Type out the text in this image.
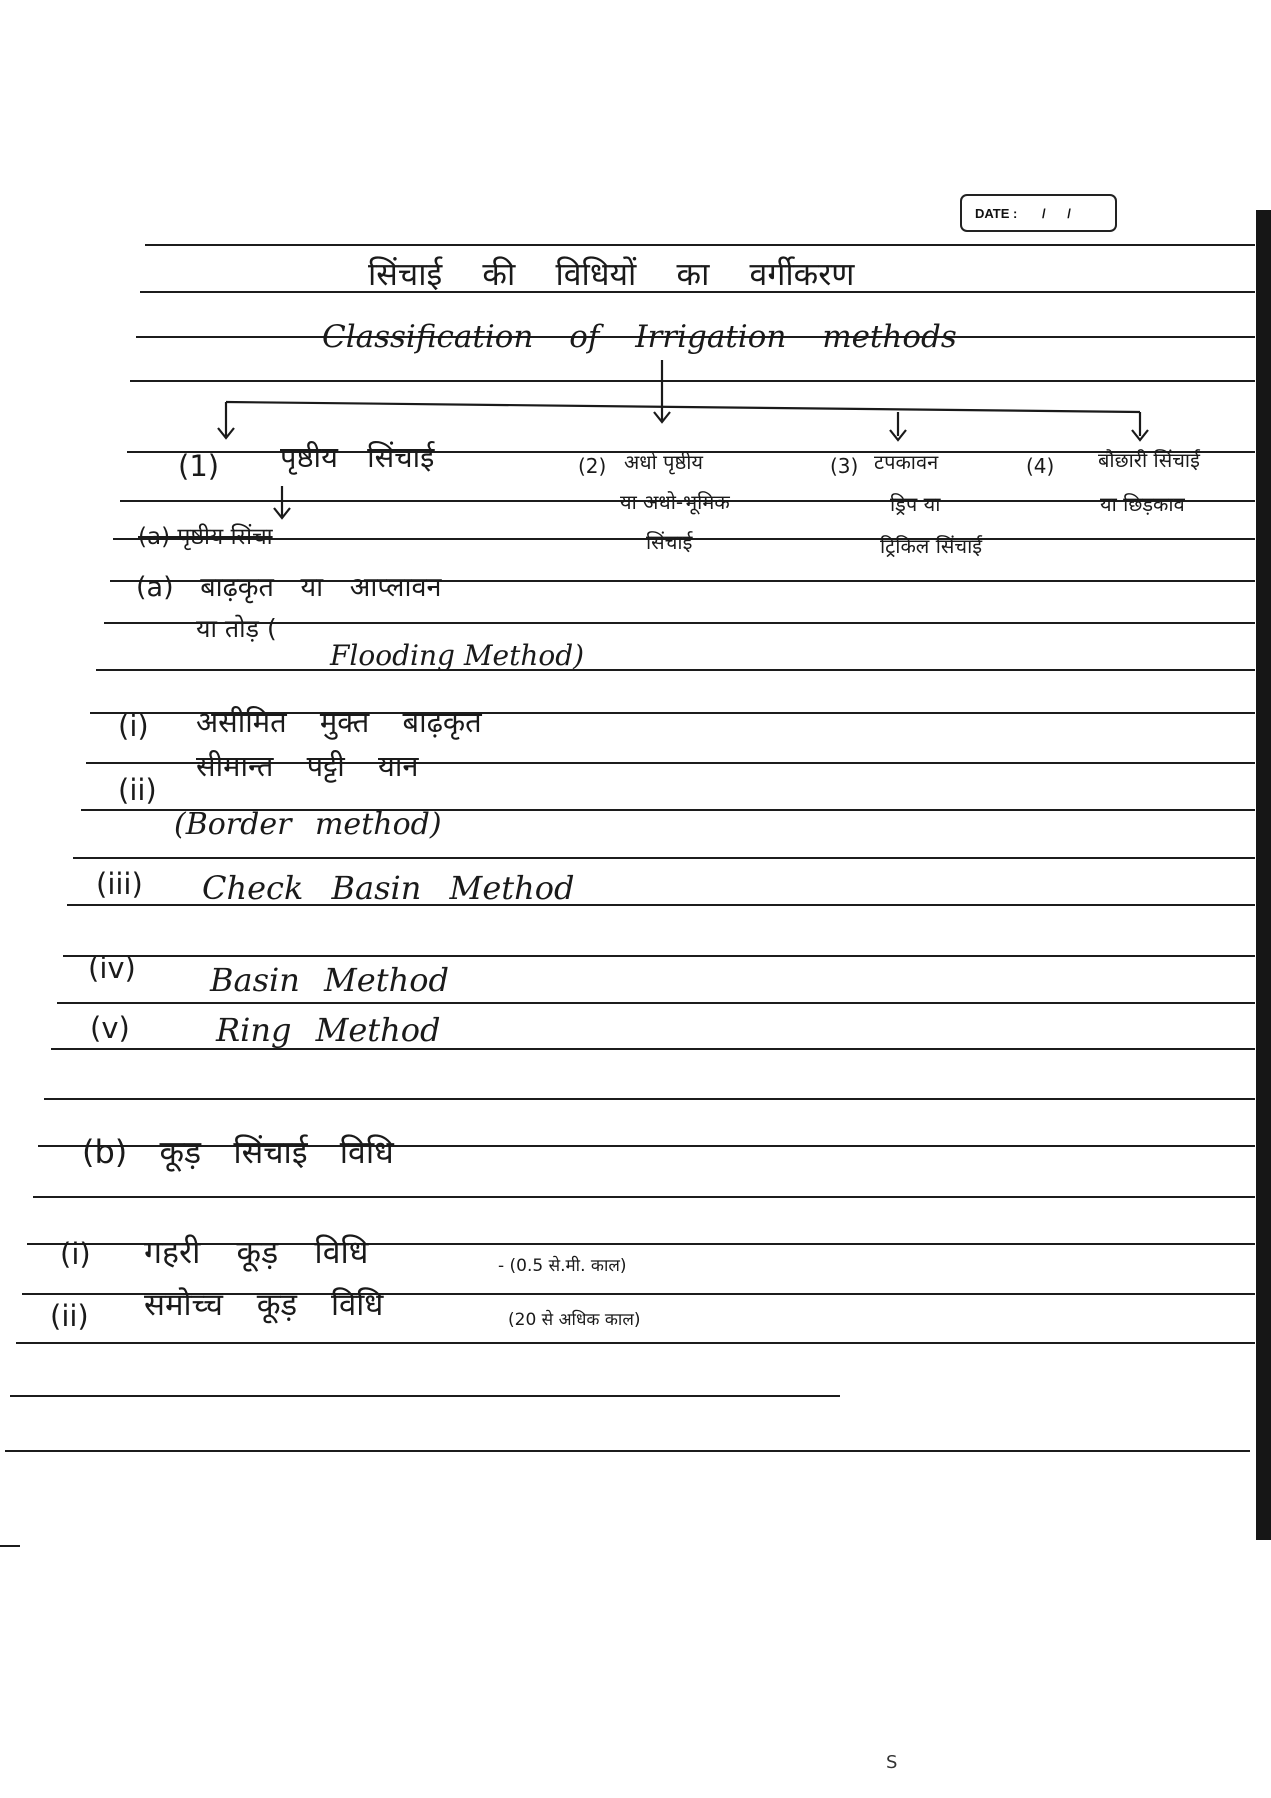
DATE : / /
सिंचाई की विधियों का वर्गीकरण
Classification of Irrigation methods
(1) पृष्ठीय सिंचाई	(2) अधो पृष्ठीय
या अधो-भूमिक
सिंचाई
(3) टपकावन
ड्रिप या
ट्रिकिल सिंचाई
(4) बौछारी सिंचाई
या छिड़काव
(a) पृष्ठीय सिंचा
(a) बाढ़कृत या आप्लावन
या तोड़ (
Flooding Method)
(i) असीमित मुक्त बाढ़कृत
(ii)
सीमान्त पट्टी यान
(Border method)
(iii) Check Basin Method
(iv) Basin Method
(v)	Ring Method
(b) कूड़ सिंचाई विधि
(i) गहरी कूड़ विधि	- (0.5 से.मी. काल)
(ii) समोच्च कूड़ विधि	(20 से अधिक काल)
S
